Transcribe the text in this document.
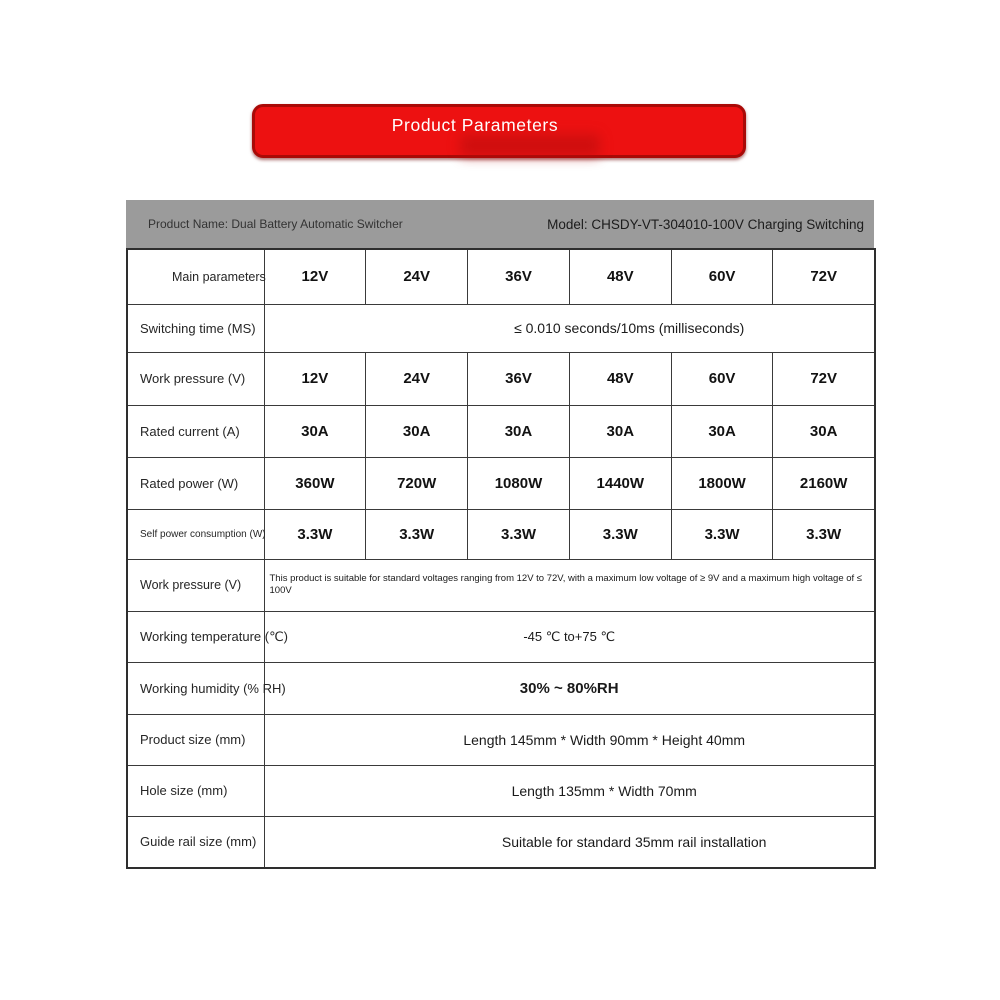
Product Parameters
Product Name: Dual Battery Automatic Switcher	Model: CHSDY-VT-304010-100V Charging Switching
Main parameters	12V	24V	36V	48V	60V	72V
Switching time (MS)	≤ 0.010 seconds/10ms (milliseconds)					
Work pressure (V)	12V	24V	36V	48V	60V	72V
Rated current (A)	30A	30A	30A	30A	30A	30A
Rated power (W)	360W	720W	1080W	1440W	1800W	2160W
Self power consumption (W)	3.3W	3.3W	3.3W	3.3W	3.3W	3.3W
Work pressure (V)	This product is suitable for standard voltages ranging from 12V to 72V, with a maximum low voltage of ≥ 9V and a maximum high voltage of ≤ 100V					
Working temperature (℃)	-45 ℃ to+75 ℃					
Working humidity (% RH)	30% ~ 80%RH					
Product size (mm)	Length 145mm * Width 90mm * Height 40mm					
Hole size (mm)	Length 135mm * Width 70mm					
Guide rail size (mm)	Suitable for standard 35mm rail installation					
